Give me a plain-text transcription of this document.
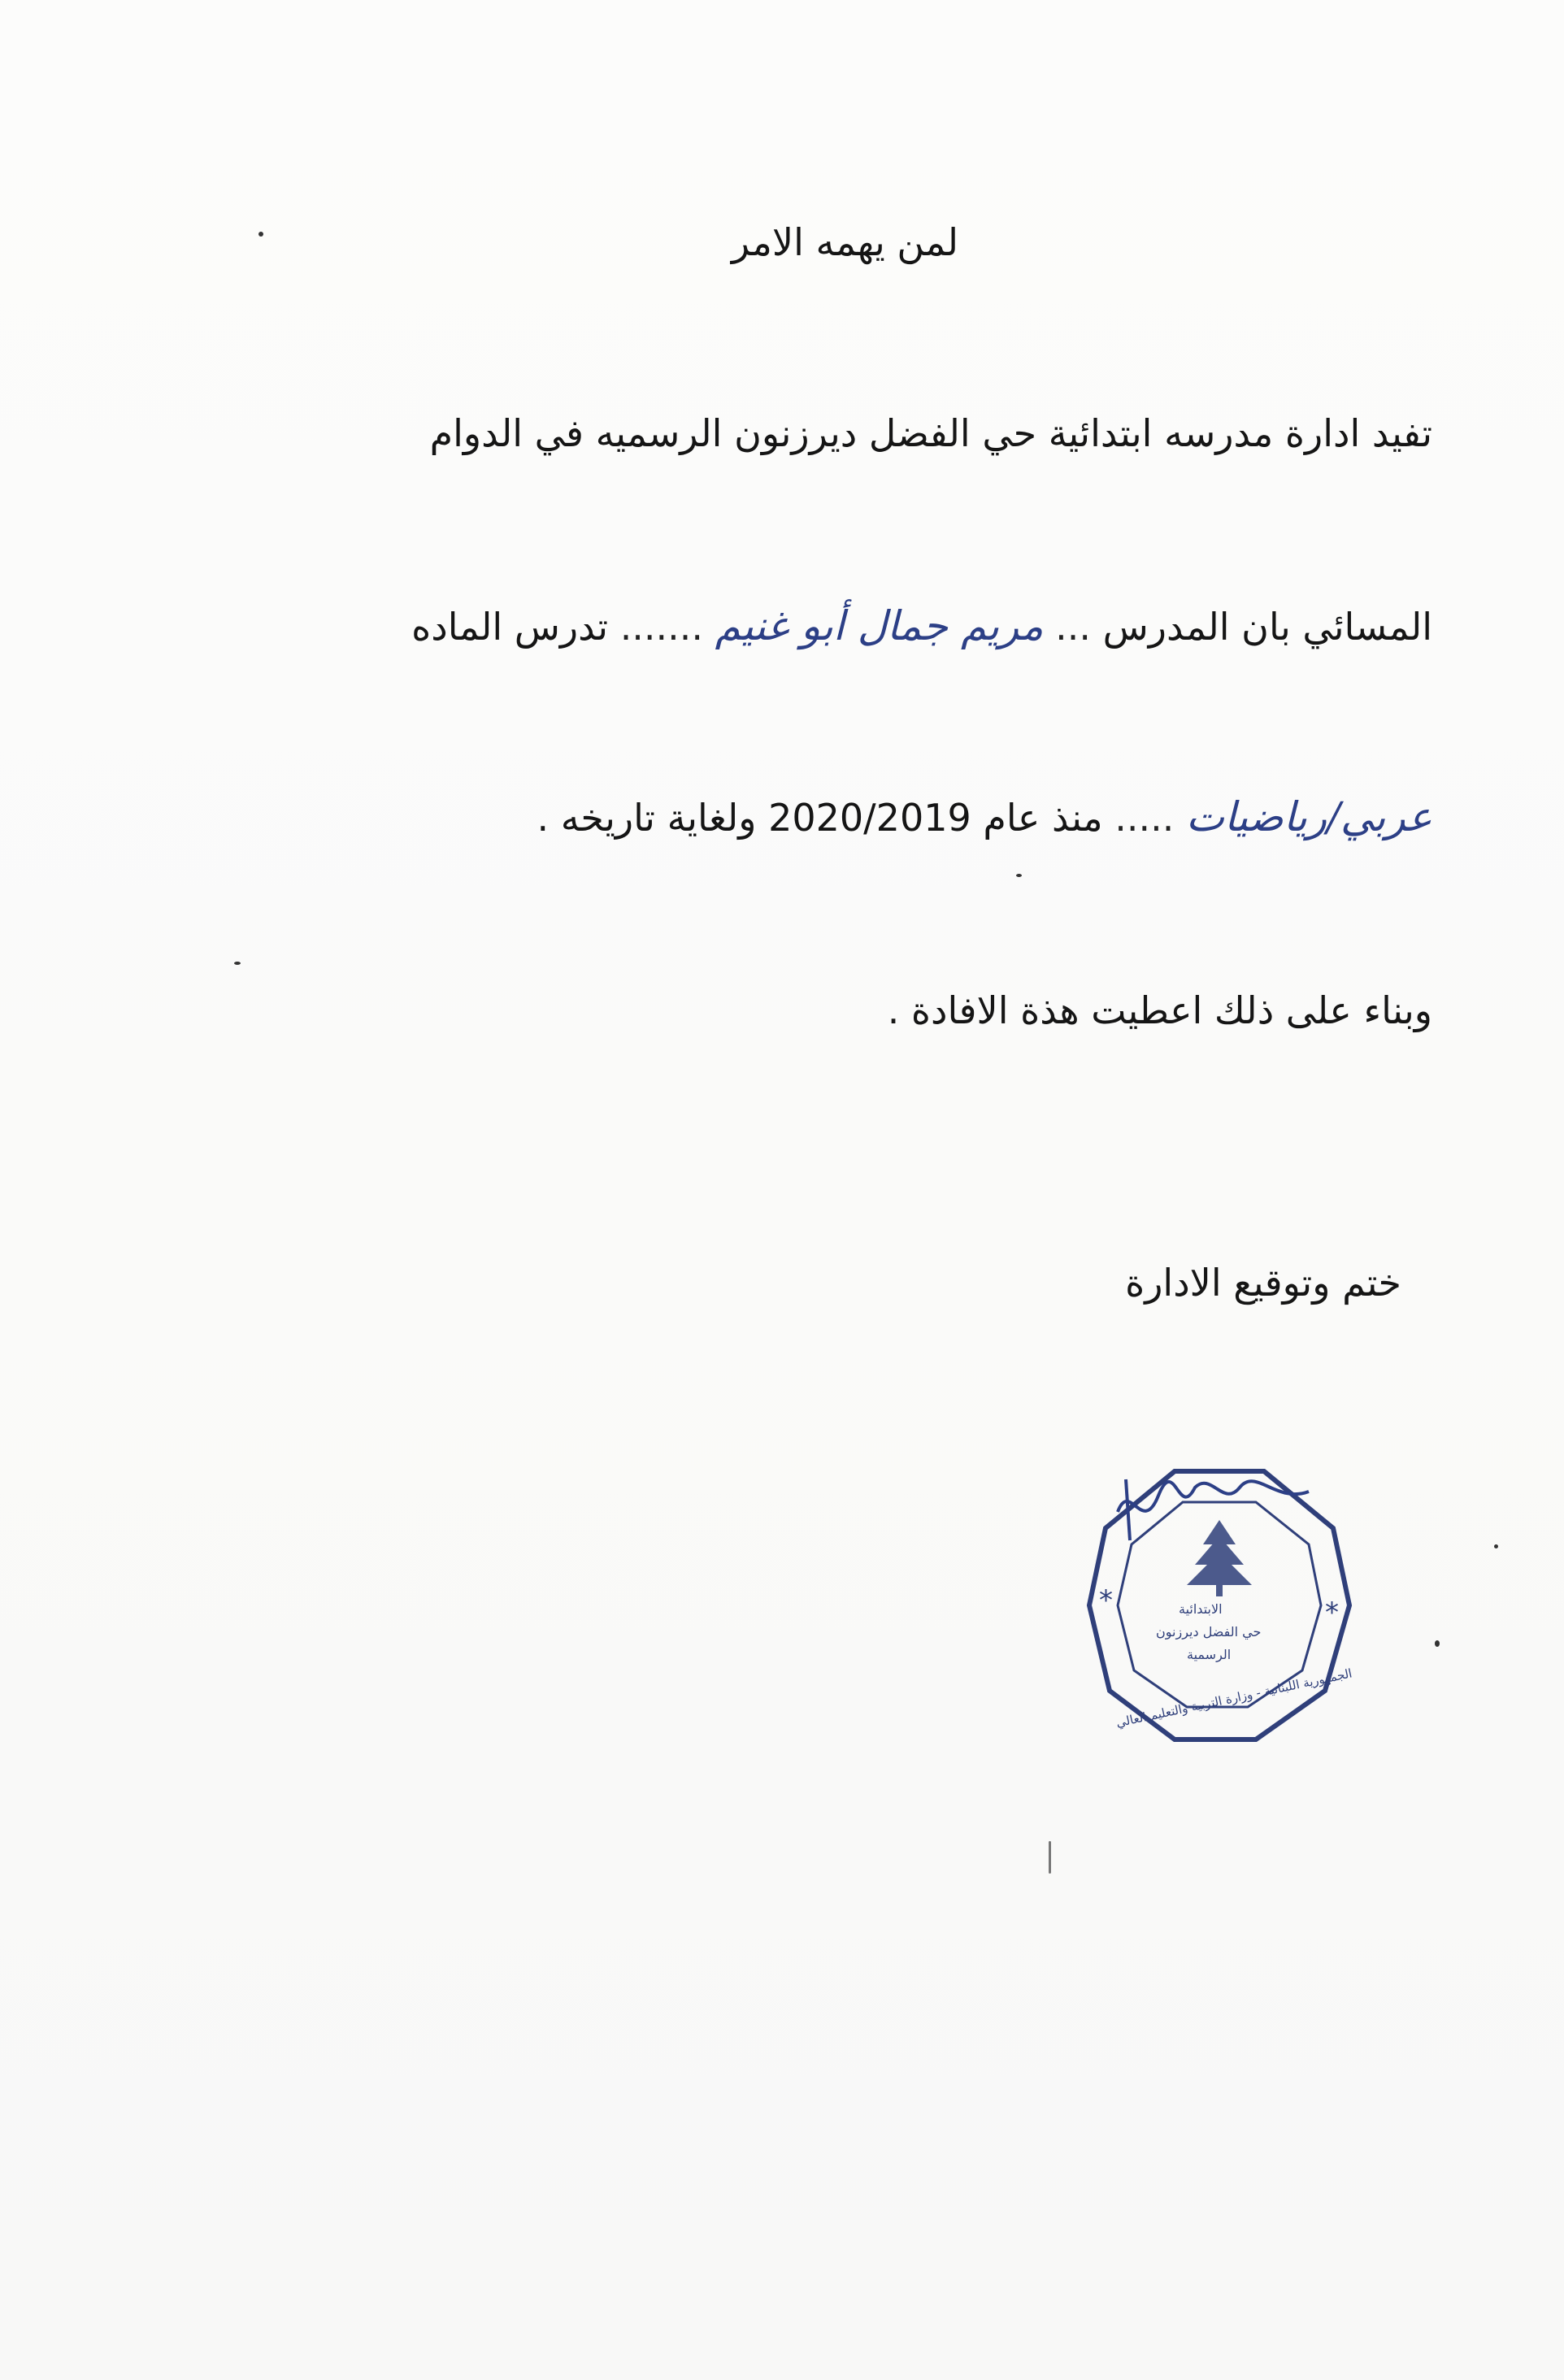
لمن يهمه الامر
تفيد ادارة مدرسه ابتدائية حي الفضل ديرزنون الرسميه في الدوام
المسائي بان المدرس ... مريم جمال أبو غنيم ....... تدرس الماده
عربي/رياضيات ..... منذ عام 2020/2019 ولغاية تاريخه .
وبناء على ذلك اعطيت هذة الافادة .
ختم وتوقيع الادارة
*	*
الابتدائية
حي الفضل ديرزنون
الرسمية
الجمهورية اللبنانية - وزارة التربية والتعليم العالي
